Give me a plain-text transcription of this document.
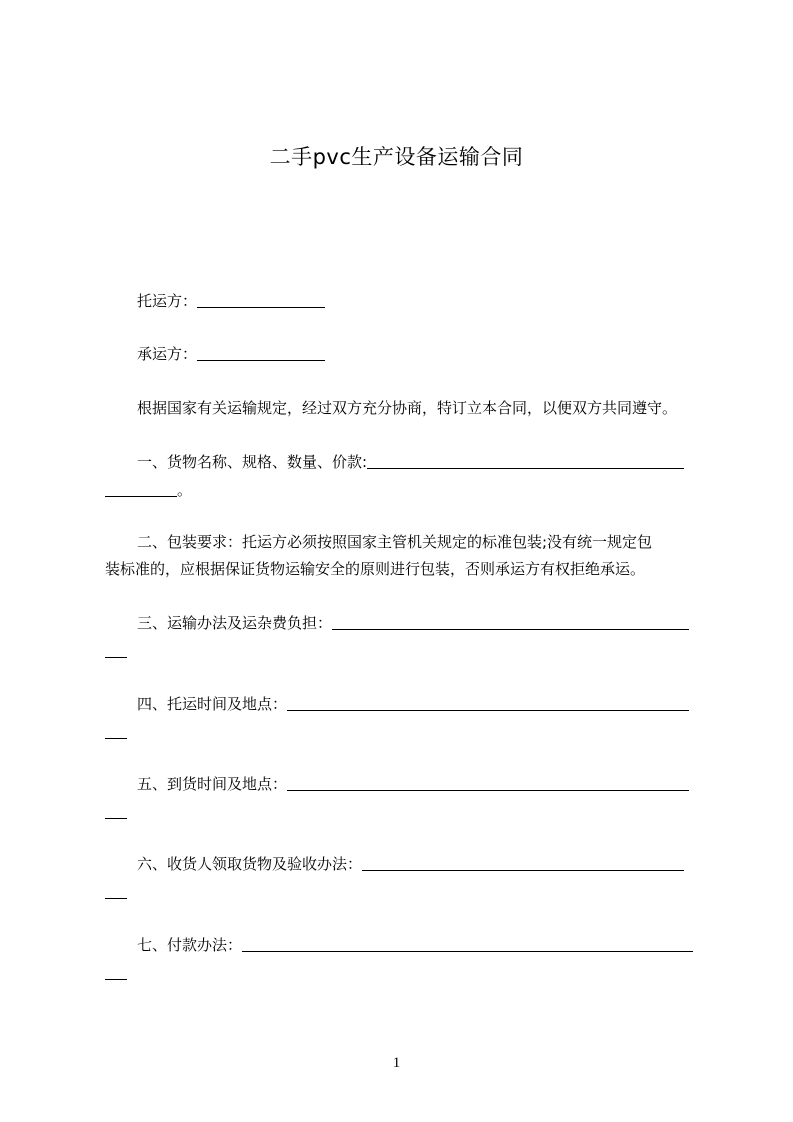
二手pvc生产设备运输合同
托运方：
承运方：
根据国家有关运输规定，经过双方充分协商，特订立本合同，以便双方共同遵守。
一、货物名称、规格、数量、价款:
。
二、包装要求：托运方必须按照国家主管机关规定的标准包装;没有统一规定包
装标准的，应根据保证货物运输安全的原则进行包装，否则承运方有权拒绝承运。
三、运输办法及运杂费负担：
四、托运时间及地点：
五、到货时间及地点：
六、收货人领取货物及验收办法：
七、付款办法：
1
